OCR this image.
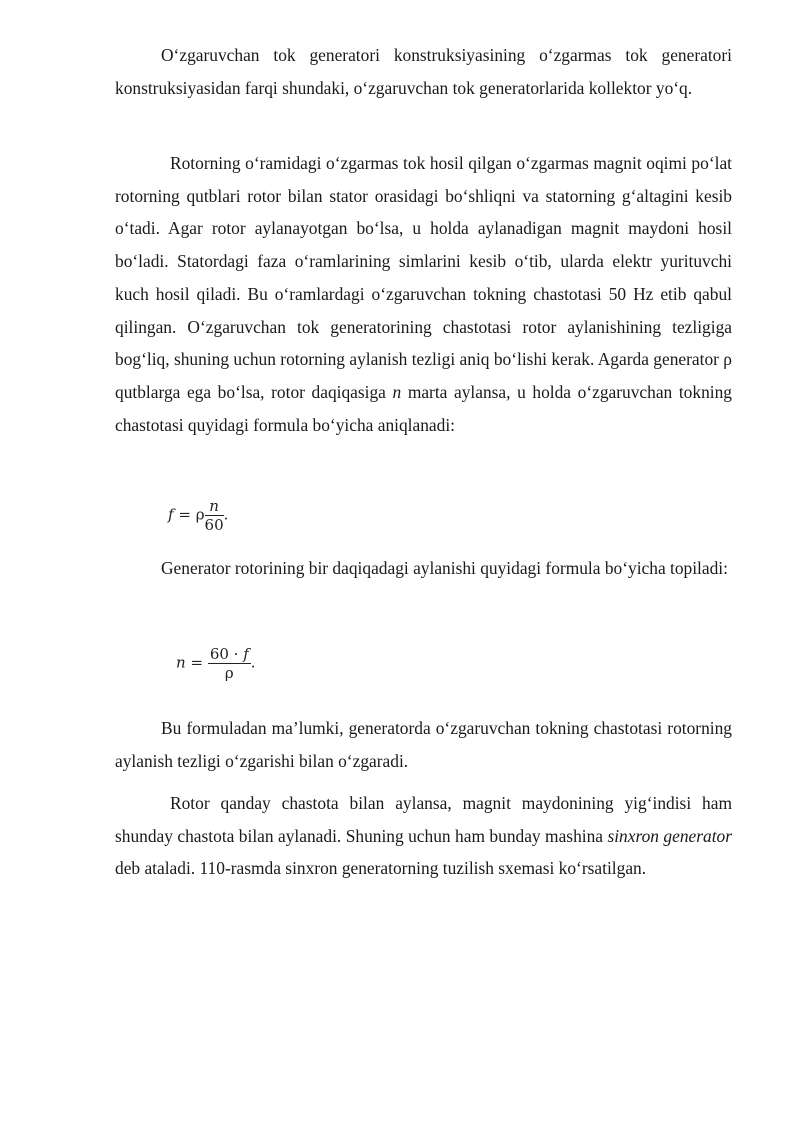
O‘zgaruvchan tok generatori konstruksiyasining o‘zgarmas tok generatori konstruksiyasidan farqi shundaki, o‘zgaruvchan tok generatorlarida kollektor yo‘q.

Rotorning o‘ramidagi o‘zgarmas tok hosil qilgan o‘zgarmas magnit oqimi po‘lat rotorning qutblari rotor bilan stator orasidagi bo‘shliqni va statorning g‘altagini kesib o‘tadi. Agar rotor aylanayotgan bo‘lsa, u holda aylanadigan magnit maydoni hosil bo‘ladi. Statordagi faza o‘ramlarining simlarini kesib o‘tib, ularda elektr yurituvchi kuch hosil qiladi. Bu o‘ramlardagi o‘zgaruvchan tokning chastotasi 50 Hz etib qabul qilingan. O‘zgaruvchan tok generatorining chastotasi rotor aylanishining tezligiga bog‘liq, shuning uchun rotorning aylanish tezligi aniq bo‘lishi kerak. Agarda generator ρ qutblarga ega bo‘lsa, rotor daqiqasiga n marta aylansa, u holda o‘zgaruvchan tokning chastotasi quyidagi formula bo‘yicha aniqlanadi:

f = ρ $\frac{n}{60}$ .

Generator rotorining bir daqiqadagi aylanishi quyidagi formula bo‘yicha topiladi:

$n = \frac{60 \cdot f}{\rho}$ .

Bu formuladan ma’lumki, generatorda o‘zgaruvchan tokning chastotasi rotorning aylanish tezligi o‘zgarishi bilan o‘zgaradi.

Rotor qanday chastota bilan aylansa, magnit maydonining yig‘indisi ham shunday chastota bilan aylanadi. Shuning uchun ham bunday mashina sinxron generator deb ataladi. 110-rasmda sinxron generatorning tuzilish sxemasi ko‘rsatilgan.
